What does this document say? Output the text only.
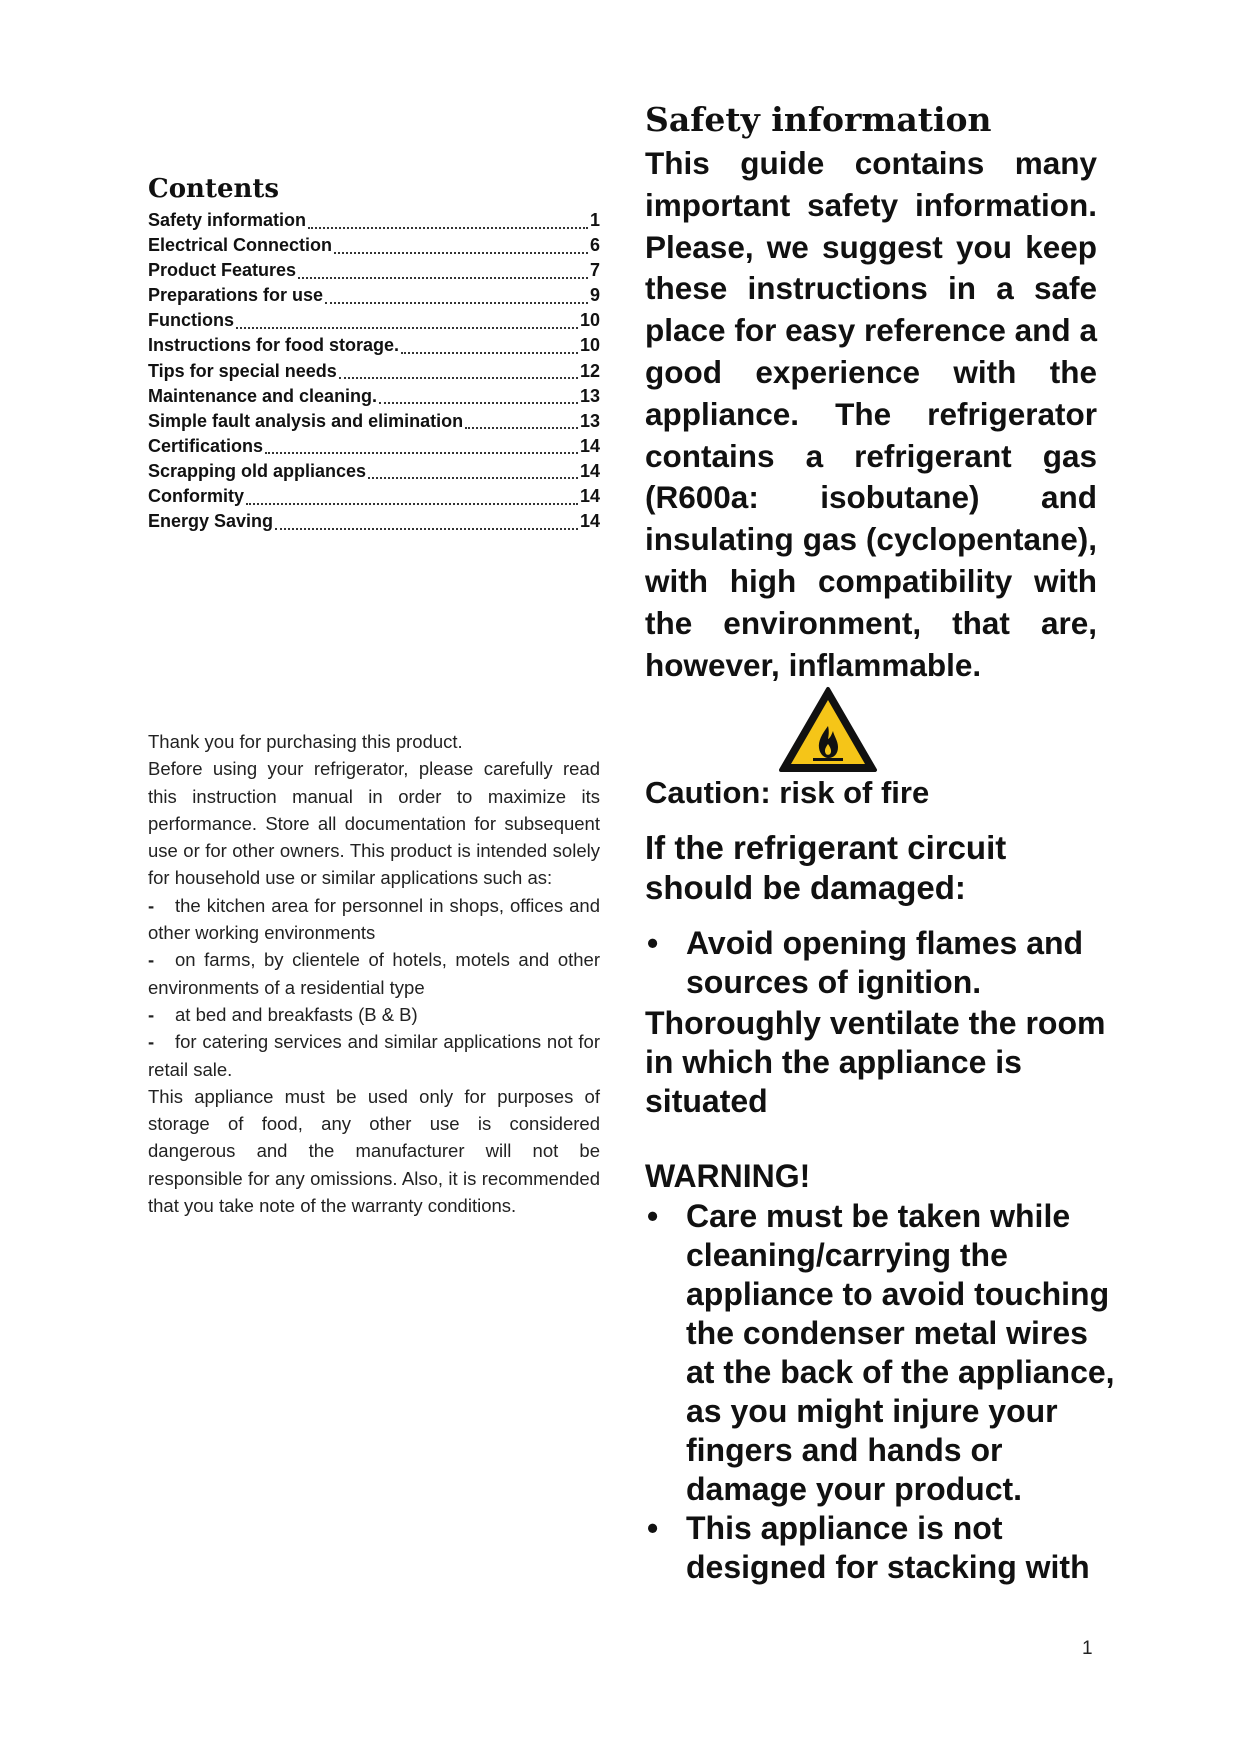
Contents
Safety information	1
Electrical Connection	6
Product Features	7
Preparations for use	9
Functions	10
Instructions for food storage.	10
Tips for special needs	12
Maintenance and cleaning.	13
Simple fault analysis and elimination	13
Certifications	14
Scrapping old appliances	14
Conformity	14
Energy Saving	14

Thank you for purchasing this product.

Before using your refrigerator, please carefully read this instruction manual in order to maximize its performance. Store all documentation for subsequent use or for other owners. This product is intended solely for household use or similar applications such as:

- the kitchen area for personnel in shops, offices and other working environments

- on farms, by clientele of hotels, motels and other environments of a residential type

- at bed and breakfasts (B & B)

- for catering services and similar applications not for retail sale.

This appliance must be used only for purposes of storage of food, any other use is considered dangerous and the manufacturer will not be responsible for any omissions. Also, it is recommended that you take note of the warranty conditions.

Safety information

This guide contains many important safety information. Please, we suggest you keep these instructions in a safe place for easy reference and a good experience with the appliance. The refrigerator contains a refrigerant gas (R600a: isobutane) and insulating gas (cyclopentane), with high compatibility with the environment, that are, however, inflammable.

Caution: risk of fire

If the refrigerant circuit should be damaged:

• Avoid opening flames and sources of ignition.

Thoroughly ventilate the room in which the appliance is situated

WARNING!

• Care must be taken while cleaning/carrying the appliance to avoid touching the condenser metal wires at the back of the appliance, as you might injure your fingers and hands or damage your product.
• This appliance is not designed for stacking with
1
